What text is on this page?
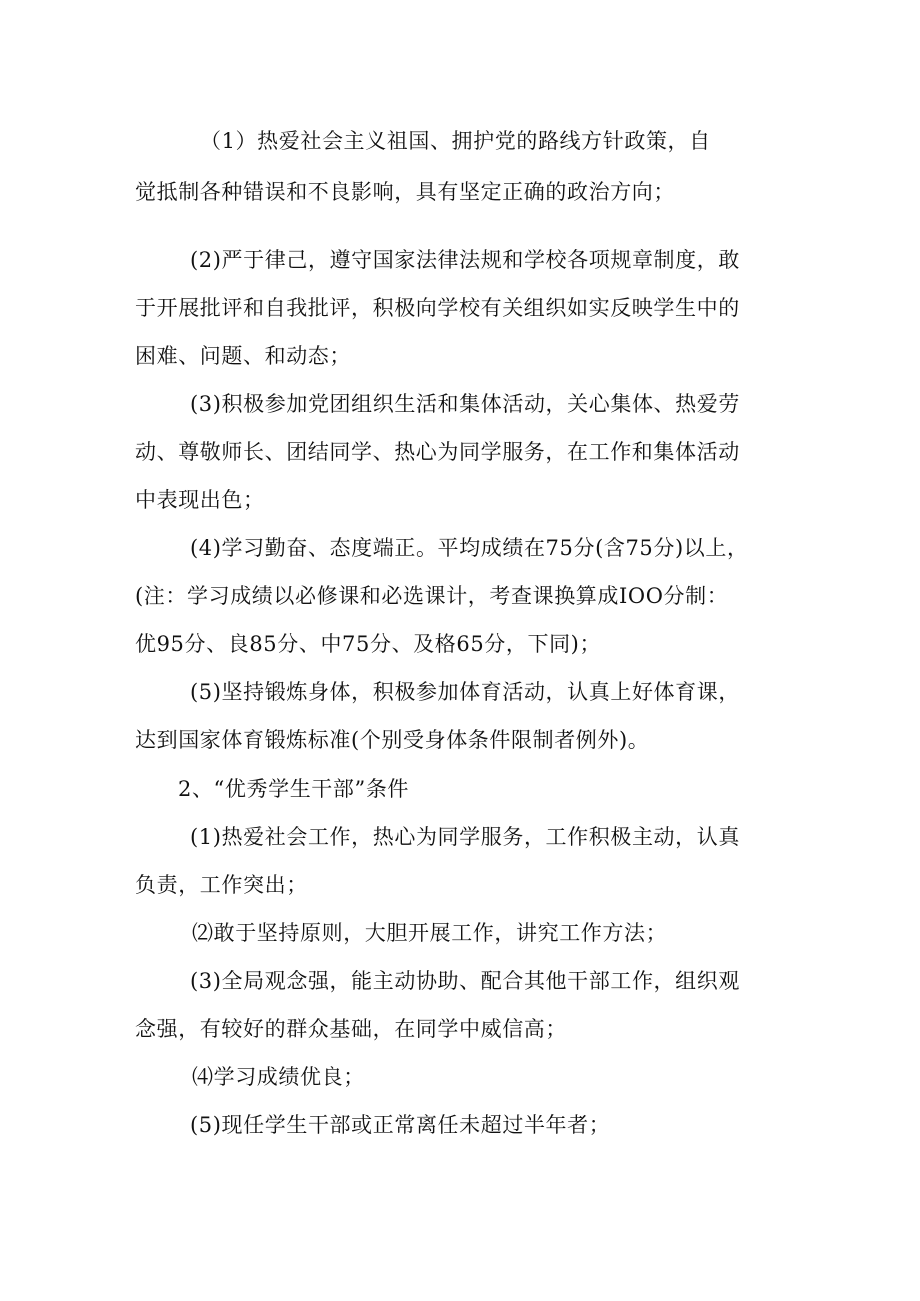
（1）热爱社会主义祖国、拥护党的路线方针政策，自
觉抵制各种错误和不良影响，具有坚定正确的政治方向；
(2)严于律己，遵守国家法律法规和学校各项规章制度，敢
于开展批评和自我批评，积极向学校有关组织如实反映学生中的
困难、问题、和动态；
(3)积极参加党团组织生活和集体活动，关心集体、热爱劳
动、尊敬师长、团结同学、热心为同学服务，在工作和集体活动
中表现出色；
(4)学习勤奋、态度端正。平均成绩在75分(含75分)以上，
(注：学习成绩以必修课和必选课计，考查课换算成IOO分制：
优95分、良85分、中75分、及格65分，下同)；
(5)坚持锻炼身体，积极参加体育活动，认真上好体育课，
达到国家体育锻炼标准(个别受身体条件限制者例外)。
2、“优秀学生干部”条件
(1)热爱社会工作，热心为同学服务，工作积极主动，认真
负责，工作突出；
⑵敢于坚持原则，大胆开展工作，讲究工作方法；
(3)全局观念强，能主动协助、配合其他干部工作，组织观
念强，有较好的群众基础，在同学中威信高；
⑷学习成绩优良；
(5)现任学生干部或正常离任未超过半年者；
